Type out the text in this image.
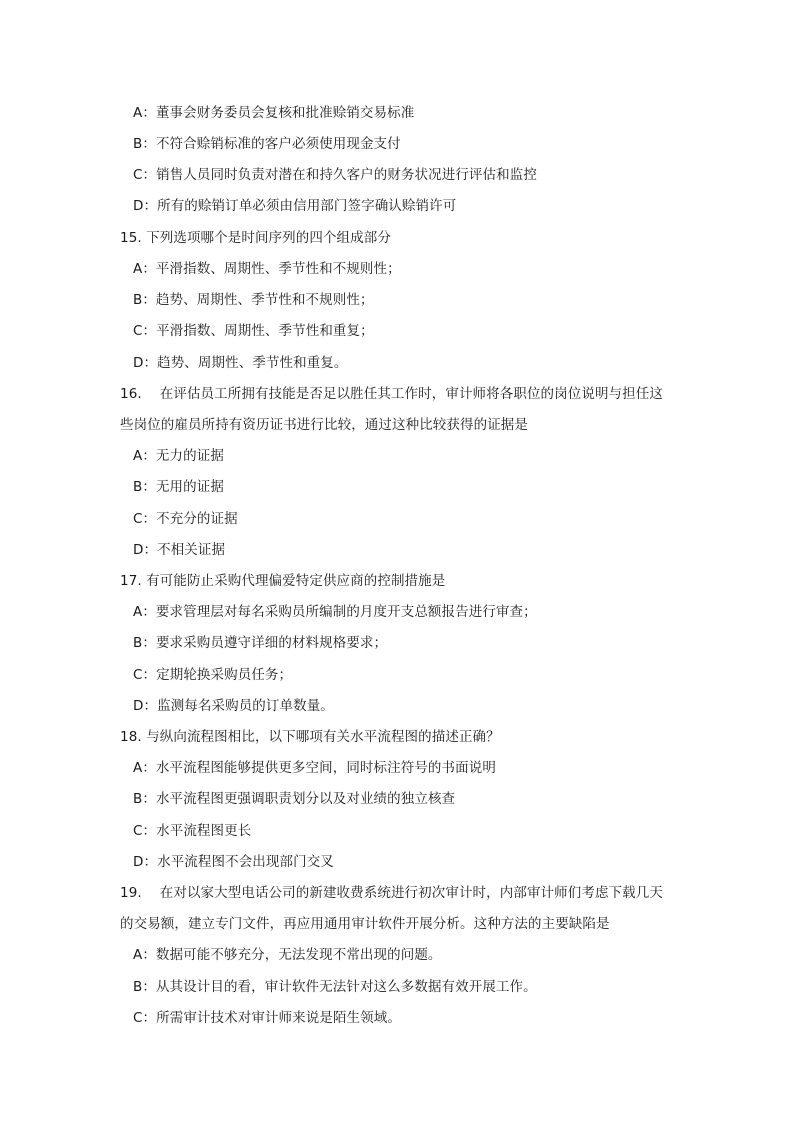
A：董事会财务委员会复核和批准赊销交易标准
B：不符合赊销标准的客户必须使用现金支付
C：销售人员同时负责对潜在和持久客户的财务状况进行评估和监控
D：所有的赊销订单必须由信用部门签字确认赊销许可
15. 下列选项哪个是时间序列的四个组成部分
A：平滑指数、周期性、季节性和不规则性；
B：趋势、周期性、季节性和不规则性；
C：平滑指数、周期性、季节性和重复；
D：趋势、周期性、季节性和重复。
16.　 在评估员工所拥有技能是否足以胜任其工作时，审计师将各职位的岗位说明与担任这
些岗位的雇员所持有资历证书进行比较，通过这种比较获得的证据是
A：无力的证据
B：无用的证据
C：不充分的证据
D：不相关证据
17. 有可能防止采购代理偏爱特定供应商的控制措施是
A：要求管理层对每名采购员所编制的月度开支总额报告进行审查；
B：要求采购员遵守详细的材料规格要求；
C：定期轮换采购员任务；
D：监测每名采购员的订单数量。
18. 与纵向流程图相比，以下哪项有关水平流程图的描述正确？
A：水平流程图能够提供更多空间，同时标注符号的书面说明
B：水平流程图更强调职责划分以及对业绩的独立核查
C：水平流程图更长
D：水平流程图不会出现部门交叉
19.　 在对以家大型电话公司的新建收费系统进行初次审计时，内部审计师们考虑下载几天
的交易额，建立专门文件，再应用通用审计软件开展分析。这种方法的主要缺陷是
A：数据可能不够充分，无法发现不常出现的问题。
B：从其设计目的看，审计软件无法针对这么多数据有效开展工作。
C：所需审计技术对审计师来说是陌生领域。
